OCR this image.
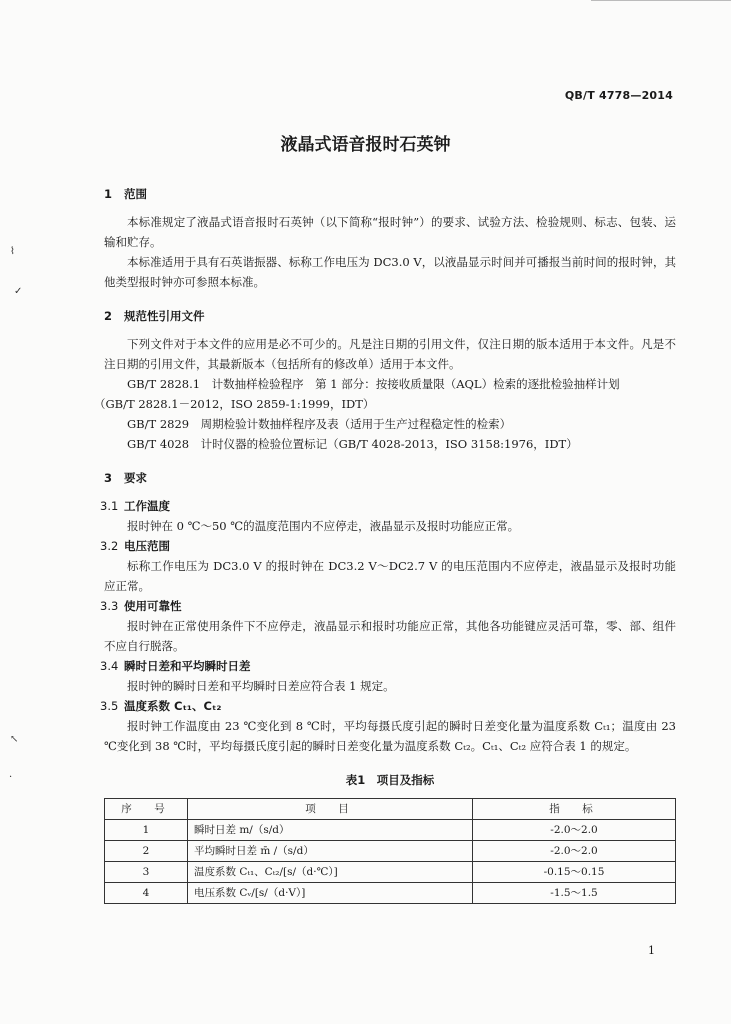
QB/T 4778—2014
液晶式语音报时石英钟
1 范围

本标准规定了液晶式语音报时石英钟（以下简称“报时钟”）的要求、试验方法、检验规则、标志、包装、运输和贮存。

本标准适用于具有石英谐振器、标称工作电压为 DC3.0 V，以液晶显示时间并可播报当前时间的报时钟，其他类型报时钟亦可参照本标准。

2 规范性引用文件

下列文件对于本文件的应用是必不可少的。凡是注日期的引用文件，仅注日期的版本适用于本文件。凡是不注日期的引用文件，其最新版本（包括所有的修改单）适用于本文件。

GB/T 2828.1　计数抽样检验程序　第 1 部分：按接收质量限（AQL）检索的逐批检验抽样计划

（GB/T 2828.1－2012，ISO 2859-1:1999，IDT）

GB/T 2829　周期检验计数抽样程序及表（适用于生产过程稳定性的检索）

GB/T 4028　计时仪器的检验位置标记（GB/T 4028-2013，ISO 3158:1976，IDT）

3 要求
3.1 工作温度

报时钟在 0 ℃～50 ℃的温度范围内不应停走，液晶显示及报时功能应正常。

3.2 电压范围

标称工作电压为 DC3.0 V 的报时钟在 DC3.2 V～DC2.7 V 的电压范围内不应停走，液晶显示及报时功能应正常。

3.3 使用可靠性

报时钟在正常使用条件下不应停走，液晶显示和报时功能应正常，其他各功能键应灵活可靠，零、部、组件不应自行脱落。

3.4 瞬时日差和平均瞬时日差

报时钟的瞬时日差和平均瞬时日差应符合表 1 规定。

3.5 温度系数 Cₜ₁、Cₜ₂

报时钟工作温度由 23 ℃变化到 8 ℃时，平均每摄氏度引起的瞬时日差变化量为温度系数 Cₜ₁；温度由 23 ℃变化到 38 ℃时，平均每摄氏度引起的瞬时日差变化量为温度系数 Cₜ₂。Cₜ₁、Cₜ₂ 应符合表 1 的规定。

表1　项目及指标
序　号	项　目	指　标
1	瞬时日差 m/（s/d）	-2.0～2.0
2	平均瞬时日差 m̄ /（s/d）	-2.0～2.0
3	温度系数 Cₜ₁、Cₜ₂/[s/（d·℃）]	-0.15～0.15
4	电压系数 Cᵥ/[s/（d·V）]	-1.5～1.5
1
⌇
✓
↖
·
